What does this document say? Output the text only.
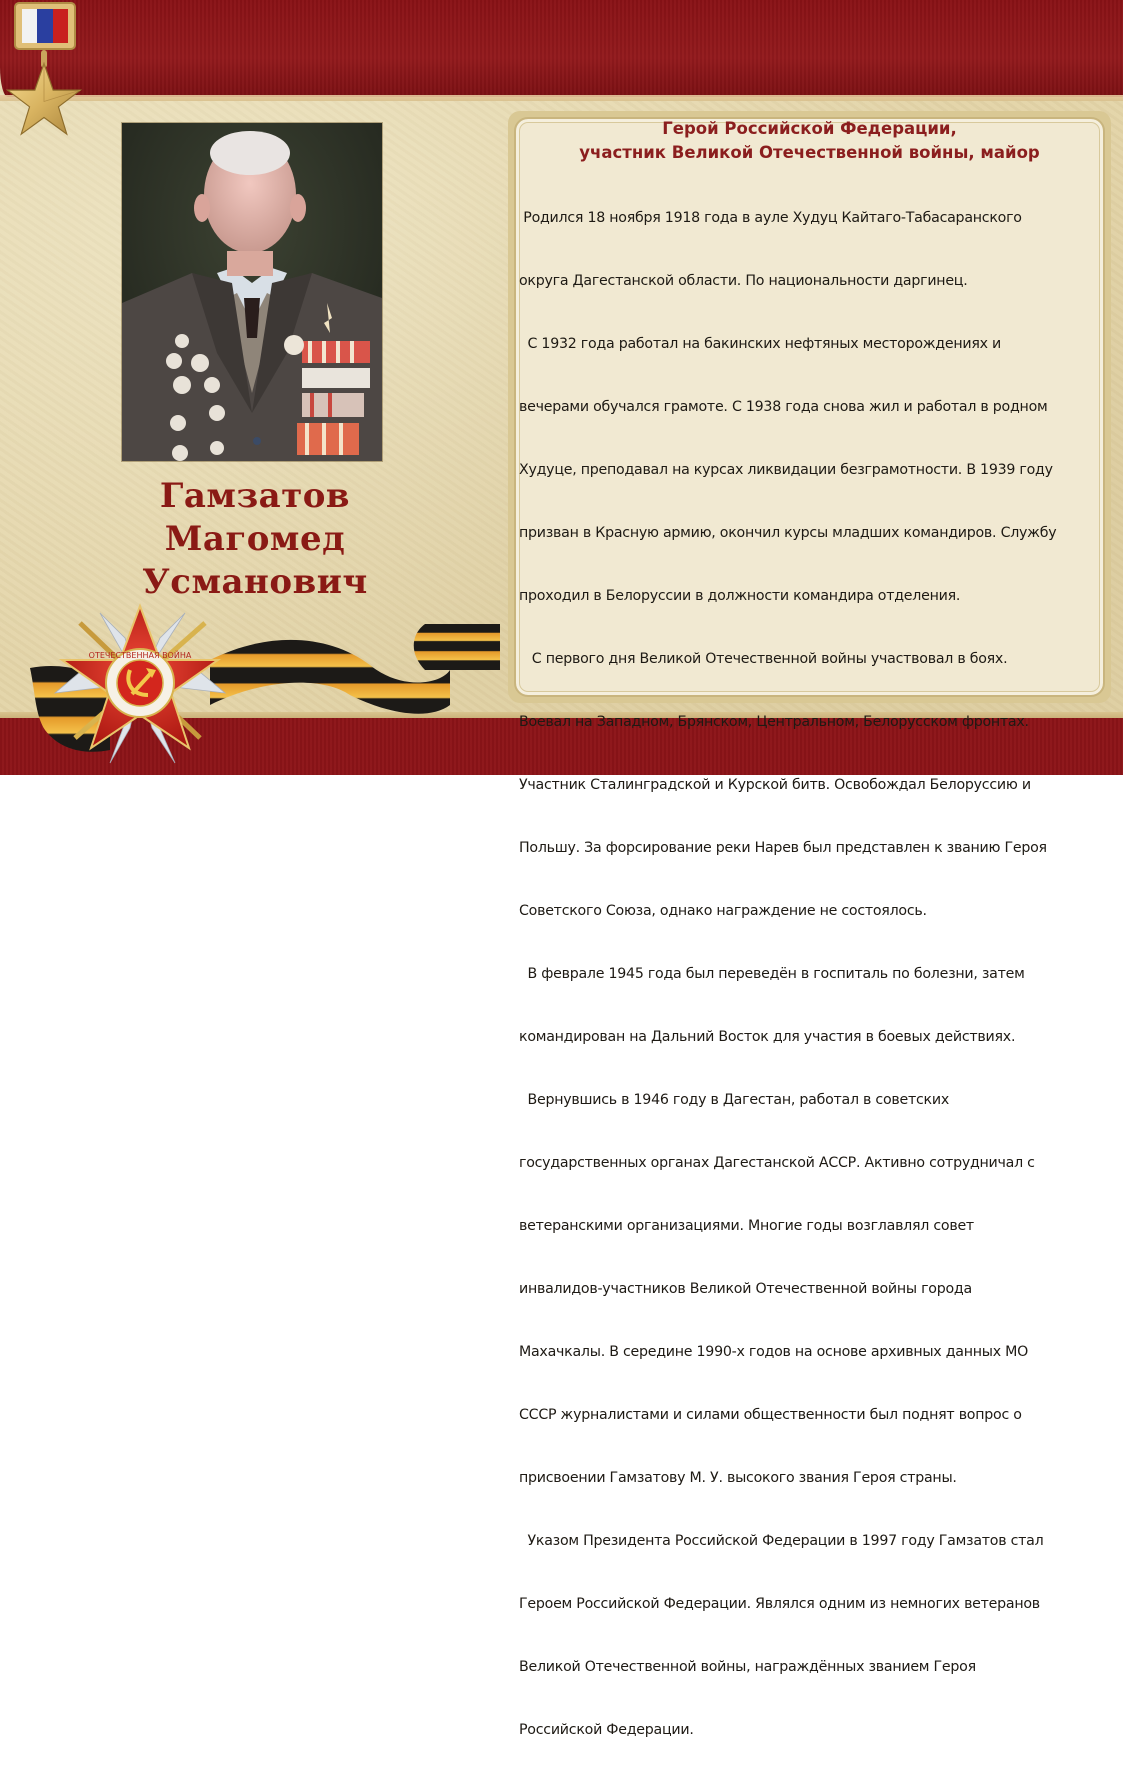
Гамзатов
Магомед
Усманович
ОТЕЧЕСТВЕННАЯ ВОЙНА
Герой Российской Федерации,
участник Великой Отечественной войны, майор

Родился 18 ноября 1918 года в ауле Худуц Кайтаго-Табасаранского

округа Дагестанской области. По национальности даргинец.

С 1932 года работал на бакинских нефтяных месторождениях и

вечерами обучался грамоте. С 1938 года снова жил и работал в родном

Худуце, преподавал на курсах ликвидации безграмотности. В 1939 году

призван в Красную армию, окончил курсы младших командиров. Службу

проходил в Белоруссии в должности командира отделения.

С первого дня Великой Отечественной войны участвовал в боях.

Воевал на Западном, Брянском, Центральном, Белорусском фронтах.

Участник Сталинградской и Курской битв. Освобождал Белоруссию и

Польшу. За форсирование реки Нарев был представлен к званию Героя

Советского Союза, однако награждение не состоялось.

В феврале 1945 года был переведён в госпиталь по болезни, затем

командирован на Дальний Восток для участия в боевых действиях.

Вернувшись в 1946 году в Дагестан, работал в советских

государственных органах Дагестанской АССР. Активно сотрудничал с

ветеранскими организациями. Многие годы возглавлял совет

инвалидов-участников Великой Отечественной войны города

Махачкалы. В середине 1990-х годов на основе архивных данных МО

СССР журналистами и силами общественности был поднят вопрос о

присвоении Гамзатову М. У. высокого звания Героя страны.

Указом Президента Российской Федерации в 1997 году Гамзатов стал

Героем Российской Федерации. Являлся одним из немногих ветеранов

Великой Отечественной войны, награждённых званием Героя

Российской Федерации.
